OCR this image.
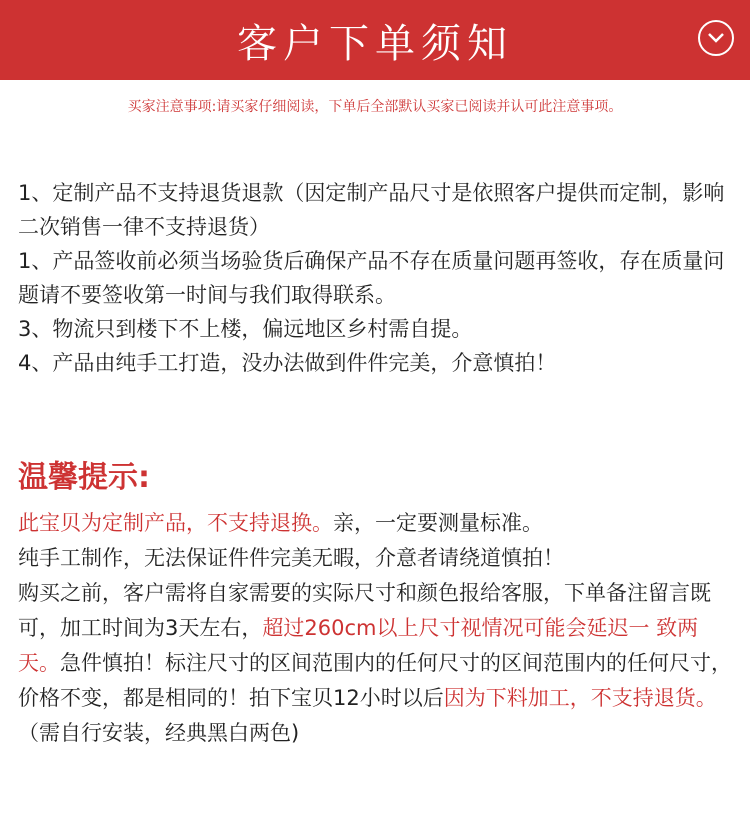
客户下单须知
买家注意事项:请买家仔细阅读，下单后全部默认买家已阅读并认可此注意事项。
1、定制产品不支持退货退款（因定制产品尺寸是依照客户提供而定制，影响二次销售一律不支持退货）
1、产品签收前必须当场验货后确保产品不存在质量问题再签收，存在质量问题请不要签收第一时间与我们取得联系。
3、物流只到楼下不上楼，偏远地区乡村需自提。
4、产品由纯手工打造，没办法做到件件完美，介意慎拍！
温馨提示:
此宝贝为定制产品，不支持退换。亲，一定要测量标准。
纯手工制作，无法保证件件完美无暇，介意者请绕道慎拍！
购买之前，客户需将自家需要的实际尺寸和颜色报给客服，下单备注留言既可，加工时间为3天左右，超过260cm以上尺寸视情况可能会延迟一 致两天。急件慎拍！标注尺寸的区间范围内的任何尺寸的区间范围内的任何尺寸，价格不变，都是相同的！拍下宝贝12小时以后因为下料加工，不支持退货。
（需自行安装，经典黑白两色)
